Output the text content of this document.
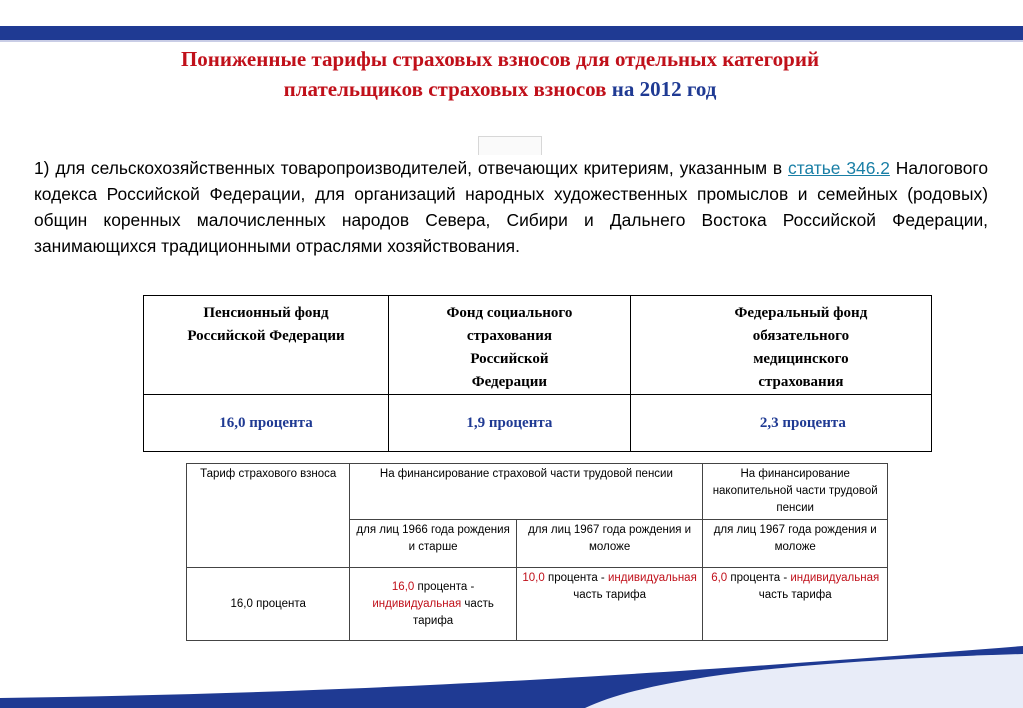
Пониженные тарифы страховых взносов для отдельных категорий
плательщиков страховых взносов на 2012 год
1) для сельскохозяйственных товаропроизводителей, отвечающих критериям, указанным в статье 346.2 Налогового кодекса Российской Федерации, для организаций народных художественных промыслов и семейных (родовых) общин коренных малочисленных народов Севера, Сибири и Дальнего Востока Российской Федерации, занимающихся традиционными отраслями хозяйствования.
Пенсионный фонд Российской Федерации	Фонд социального страхования Российской Федерации	Федеральный фонд обязательного медицинского страхования
16,0 процента	1,9 процента	2,3 процента
Тариф страхового взноса	На финансирование страховой части трудовой пенсии		На финансирование накопительной части трудовой пенсии
	для лиц 1966 года рождения и старше	для лиц 1967 года рождения и моложе	для лиц 1967 года рождения и моложе
16,0 процента	16,0 процента - индивидуальная часть тарифа	10,0 процента - индивидуальная часть тарифа	6,0 процента - индивидуальная часть тарифа
